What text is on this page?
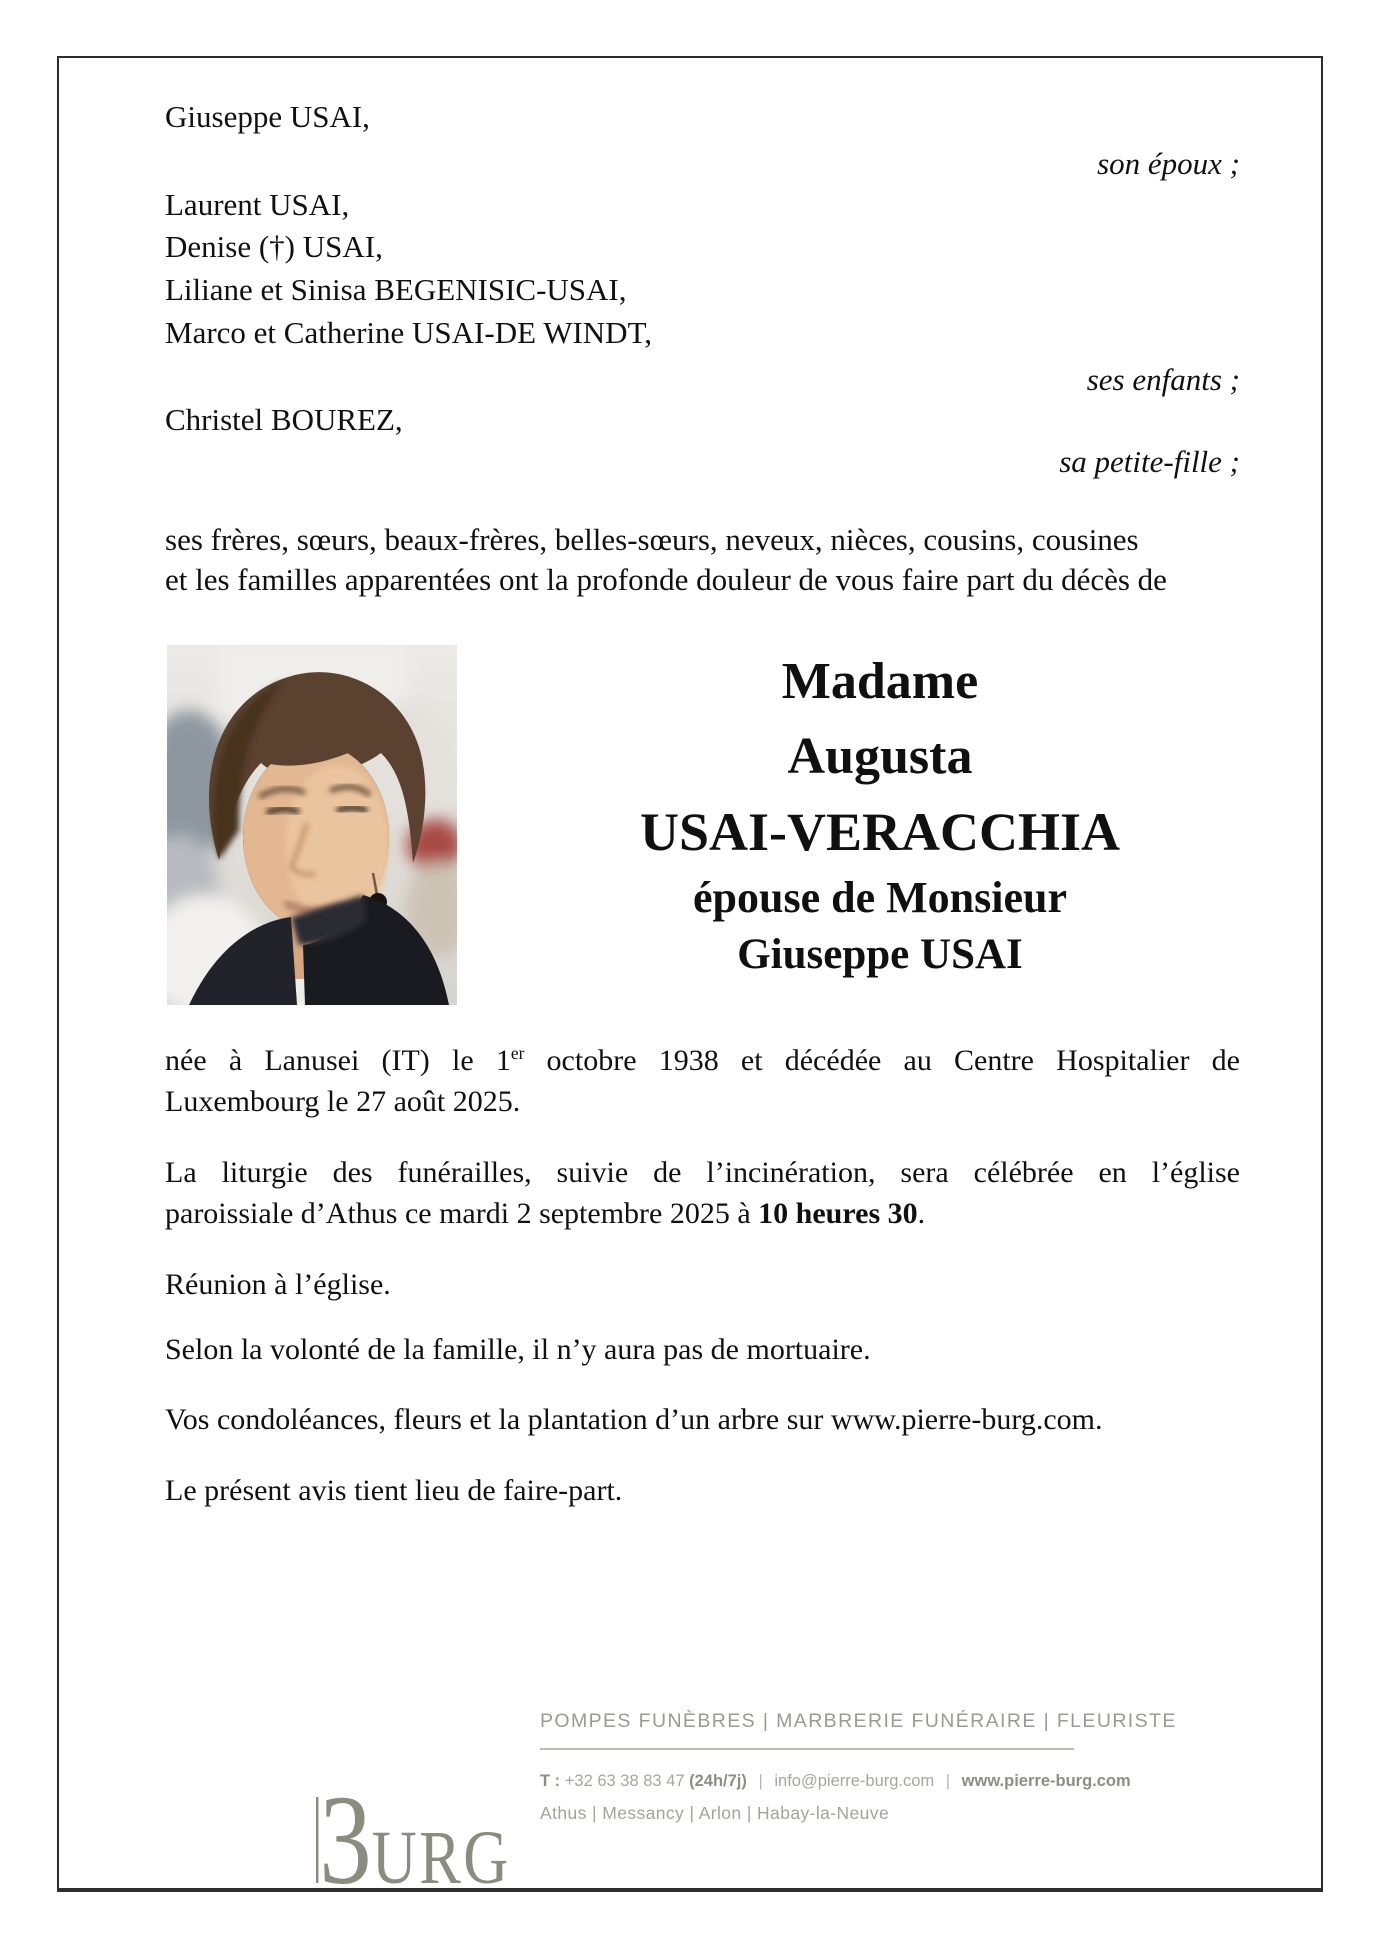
Giuseppe USAI,
son époux ;
Laurent USAI,
Denise (†) USAI,
Liliane et Sinisa BEGENISIC-USAI,
Marco et Catherine USAI-DE WINDT,
ses enfants ;
Christel BOUREZ,
sa petite-fille ;
ses frères, sœurs, beaux-frères, belles-sœurs, neveux, nièces, cousins, cousines
et les familles apparentées ont la profonde douleur de vous faire part du décès de
Madame
Augusta
USAI-VERACCHIA
épouse de Monsieur
Giuseppe USAI
née à Lanusei (IT) le 1er octobre 1938 et décédée au Centre Hospitalier de
Luxembourg le 27 août 2025.
La liturgie des funérailles, suivie de l’incinération, sera célébrée en l’église
paroissiale d’Athus ce mardi 2 septembre 2025 à 10 heures 30.
Réunion à l’église.
Selon la volonté de la famille, il n’y aura pas de mortuaire.
Vos condoléances, fleurs et la plantation d’un arbre sur www.pierre-burg.com.
Le présent avis tient lieu de faire-part.
3URG
POMPES FUNÈBRES | MARBRERIE FUNÉRAIRE | FLEURISTE
T : +32 63 38 83 47 (24h/7j) | info@pierre-burg.com | www.pierre-burg.com
Athus | Messancy | Arlon | Habay-la-Neuve
